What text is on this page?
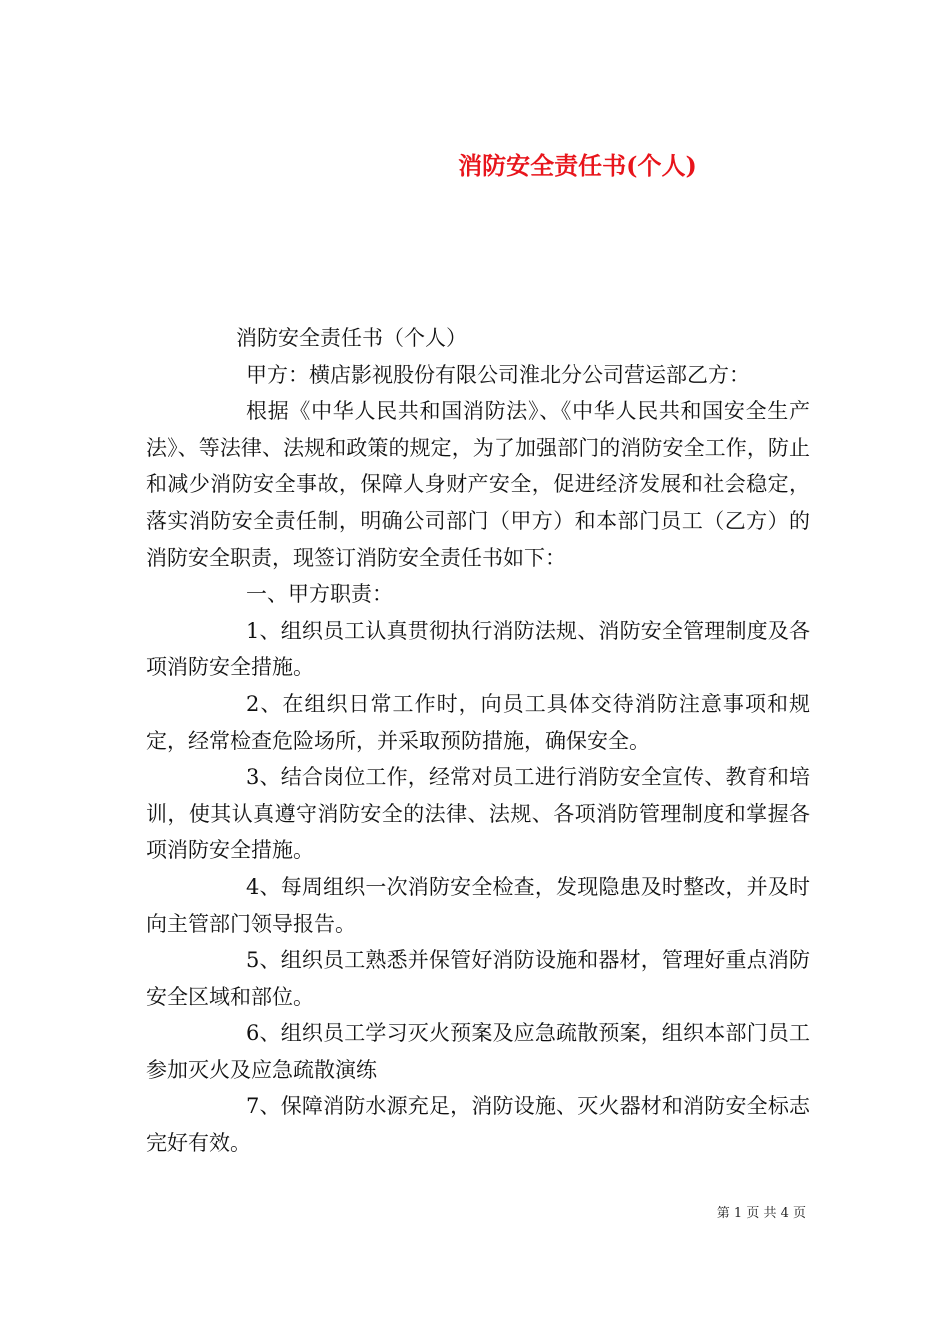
消防安全责任书(个人)

消防安全责任书（个人）

甲方：横店影视股份有限公司淮北分公司营运部乙方：

根据《中华人民共和国消防法》、《中华人民共和国安全生产法》、等法律、法规和政策的规定，为了加强部门的消防安全工作，防止和减少消防安全事故，保障人身财产安全，促进经济发展和社会稳定，落实消防安全责任制，明确公司部门（甲方）和本部门员工（乙方）的消防安全职责，现签订消防安全责任书如下：

一、甲方职责：

1、组织员工认真贯彻执行消防法规、消防安全管理制度及各项消防安全措施。

2、在组织日常工作时，向员工具体交待消防注意事项和规定，经常检查危险场所，并采取预防措施，确保安全。

3、结合岗位工作，经常对员工进行消防安全宣传、教育和培训，使其认真遵守消防安全的法律、法规、各项消防管理制度和掌握各项消防安全措施。

4、每周组织一次消防安全检查，发现隐患及时整改，并及时向主管部门领导报告。

5、组织员工熟悉并保管好消防设施和器材，管理好重点消防安全区域和部位。

6、组织员工学习灭火预案及应急疏散预案，组织本部门员工参加灭火及应急疏散演练

7、保障消防水源充足，消防设施、灭火器材和消防安全标志完好有效。

第 1 页 共 4 页
